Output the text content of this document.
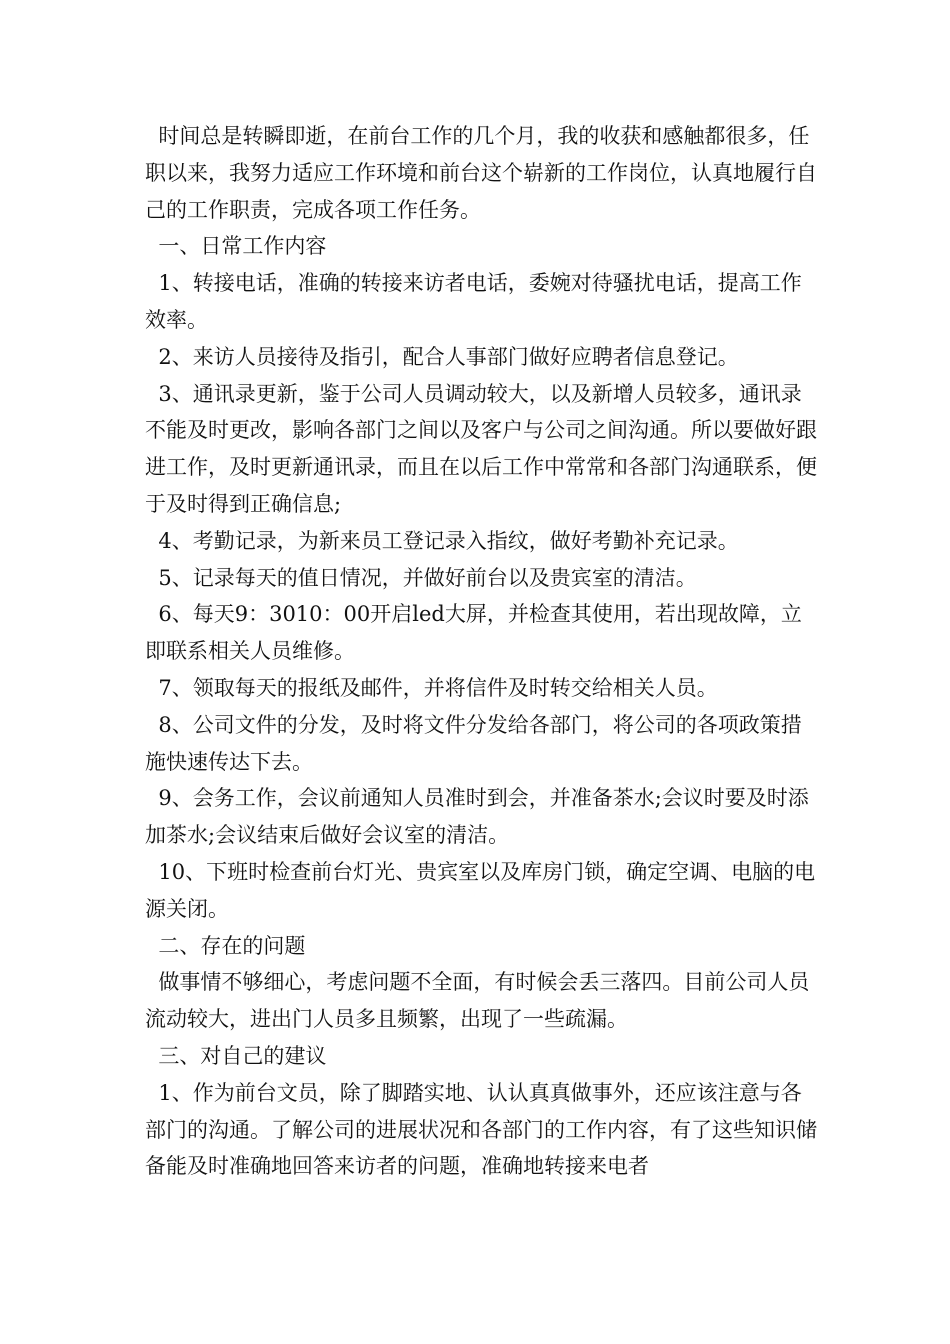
时间总是转瞬即逝，在前台工作的几个月，我的收获和感触都很多，任职以来，我努力适应工作环境和前台这个崭新的工作岗位，认真地履行自己的工作职责，完成各项工作任务。

一、日常工作内容

1、转接电话，准确的转接来访者电话，委婉对待骚扰电话，提高工作效率。

2、来访人员接待及指引，配合人事部门做好应聘者信息登记。

3、通讯录更新，鉴于公司人员调动较大，以及新增人员较多，通讯录不能及时更改，影响各部门之间以及客户与公司之间沟通。所以要做好跟进工作，及时更新通讯录，而且在以后工作中常常和各部门沟通联系，便于及时得到正确信息;

4、考勤记录，为新来员工登记录入指纹，做好考勤补充记录。

5、记录每天的值日情况，并做好前台以及贵宾室的清洁。

6、每天9：3010：00开启led大屏，并检查其使用，若出现故障，立即联系相关人员维修。

7、领取每天的报纸及邮件，并将信件及时转交给相关人员。

8、公司文件的分发，及时将文件分发给各部门，将公司的各项政策措施快速传达下去。

9、会务工作，会议前通知人员准时到会，并准备茶水;会议时要及时添加茶水;会议结束后做好会议室的清洁。

10、下班时检查前台灯光、贵宾室以及库房门锁，确定空调、电脑的电源关闭。

二、存在的问题

做事情不够细心，考虑问题不全面，有时候会丢三落四。目前公司人员流动较大，进出门人员多且频繁，出现了一些疏漏。

三、对自己的建议

1、作为前台文员，除了脚踏实地、认认真真做事外，还应该注意与各部门的沟通。了解公司的进展状况和各部门的工作内容，有了这些知识储备能及时准确地回答来访者的问题，准确地转接来电者
